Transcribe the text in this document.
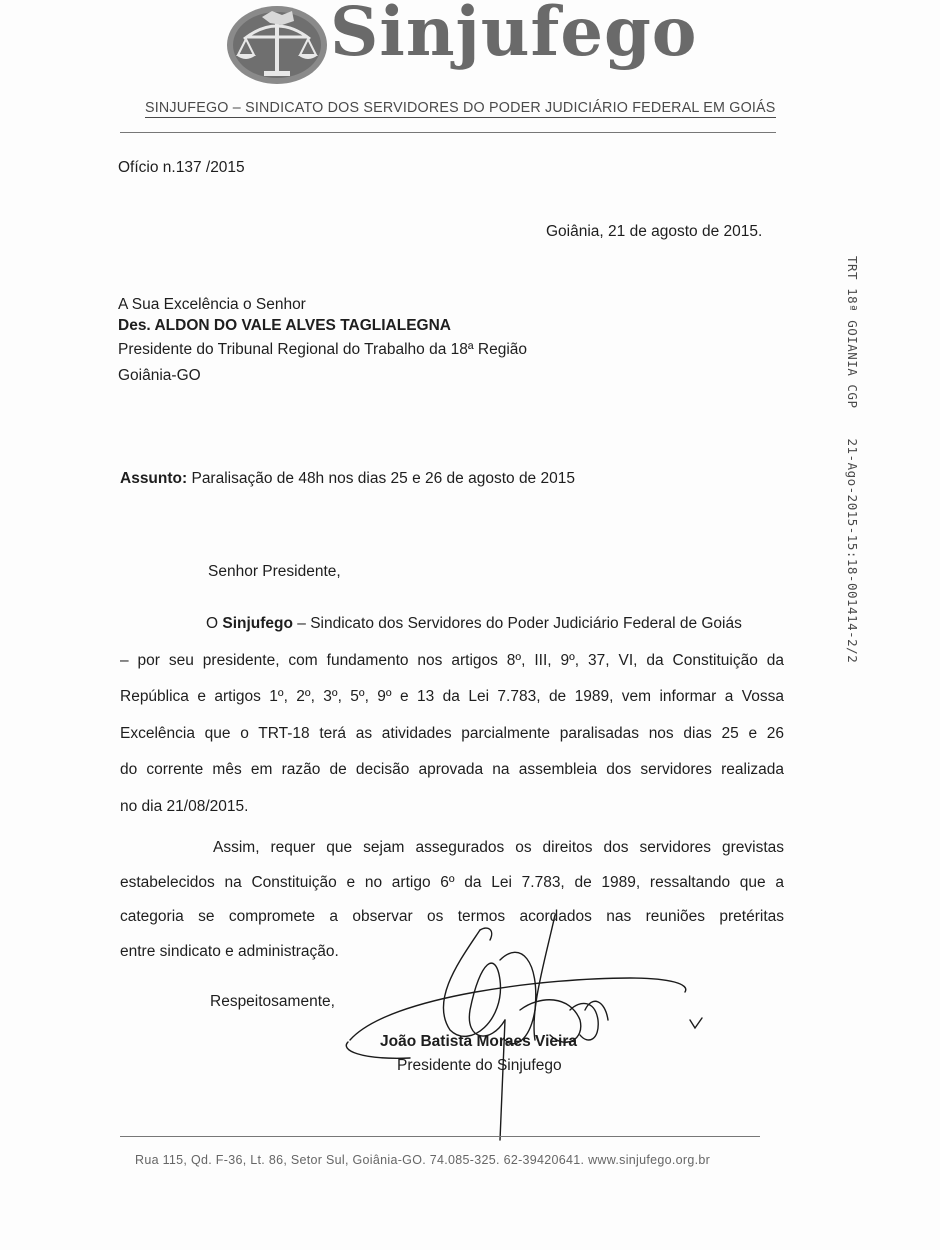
Sinjufego
SINJUFEGO – SINDICATO DOS SERVIDORES DO PODER JUDICIÁRIO FEDERAL EM GOIÁS
Ofício n.137 /2015
Goiânia, 21 de agosto de 2015.
A Sua Excelência o Senhor
Des. ALDON DO VALE ALVES TAGLIALEGNA
Presidente do Tribunal Regional do Trabalho da 18ª Região
Goiânia-GO
Assunto: Paralisação de 48h nos dias 25 e 26 de agosto de 2015
Senhor Presidente,
O Sinjufego – Sindicato dos Servidores do Poder Judiciário Federal de Goiás
– por seu presidente, com fundamento nos artigos 8º, III, 9º, 37, VI, da Constituição da
República e artigos 1º, 2º, 3º, 5º, 9º e 13 da Lei 7.783, de 1989, vem informar a Vossa
Excelência que o TRT-18 terá as atividades parcialmente paralisadas nos dias 25 e 26
do corrente mês em razão de decisão aprovada na assembleia dos servidores realizada
no dia 21/08/2015.
Assim, requer que sejam assegurados os direitos dos servidores grevistas
estabelecidos na Constituição e no artigo 6º da Lei 7.783, de 1989, ressaltando que a
categoria se compromete a observar os termos acordados nas reuniões pretéritas
entre sindicato e administração.
Respeitosamente,
João Batista Moraes Vieira
Presidente do Sinjufego
TRT 18ª GOIANIA CGP21-Ago-2015-15:18-001414-2/2
Rua 115, Qd. F-36, Lt. 86, Setor Sul, Goiânia-GO. 74.085-325. 62-39420641. www.sinjufego.org.br
